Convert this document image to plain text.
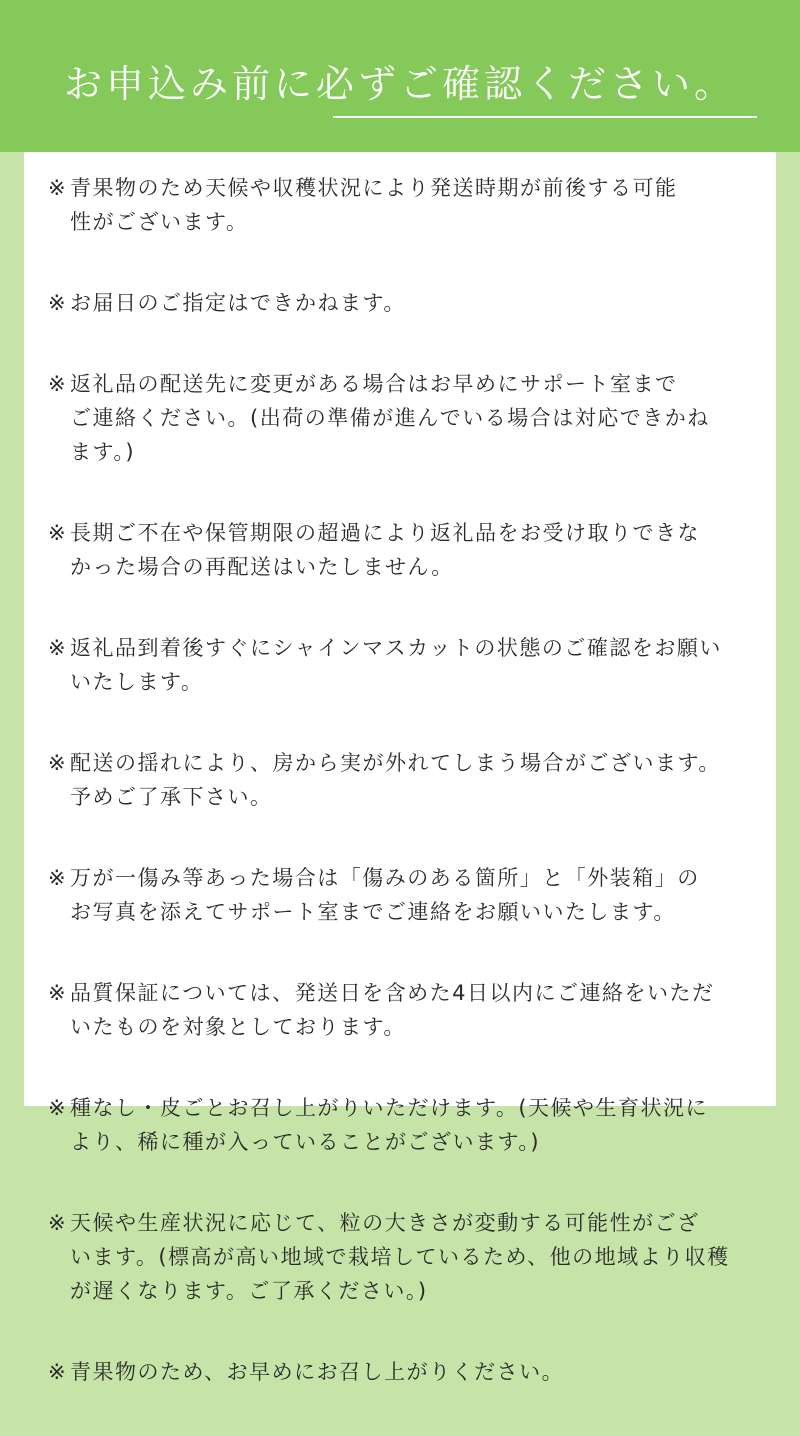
お申込み前に必ずご確認ください。
※ 青果物のため天候や収穫状況により発送時期が前後する可能
性がございます。
※ お届日のご指定はできかねます。
※ 返礼品の配送先に変更がある場合はお早めにサポート室まで
ご連絡ください。(出荷の準備が進んでいる場合は対応できかね
ます。)
※ 長期ご不在や保管期限の超過により返礼品をお受け取りできな
かった場合の再配送はいたしません。
※ 返礼品到着後すぐにシャインマスカットの状態のご確認をお願い
いたします。
※ 配送の揺れにより、房から実が外れてしまう場合がございます。
予めご了承下さい。
※ 万が一傷み等あった場合は「傷みのある箇所」と「外装箱」の
お写真を添えてサポート室までご連絡をお願いいたします。
※ 品質保証については、発送日を含めた4日以内にご連絡をいただ
いたものを対象としております。
※ 種なし・皮ごとお召し上がりいただけます。(天候や生育状況に
より、稀に種が入っていることがございます。)
※ 天候や生産状況に応じて、粒の大きさが変動する可能性がござ
います。(標高が高い地域で栽培しているため、他の地域より収穫
が遅くなります。ご了承ください。)
※ 青果物のため、お早めにお召し上がりください。
